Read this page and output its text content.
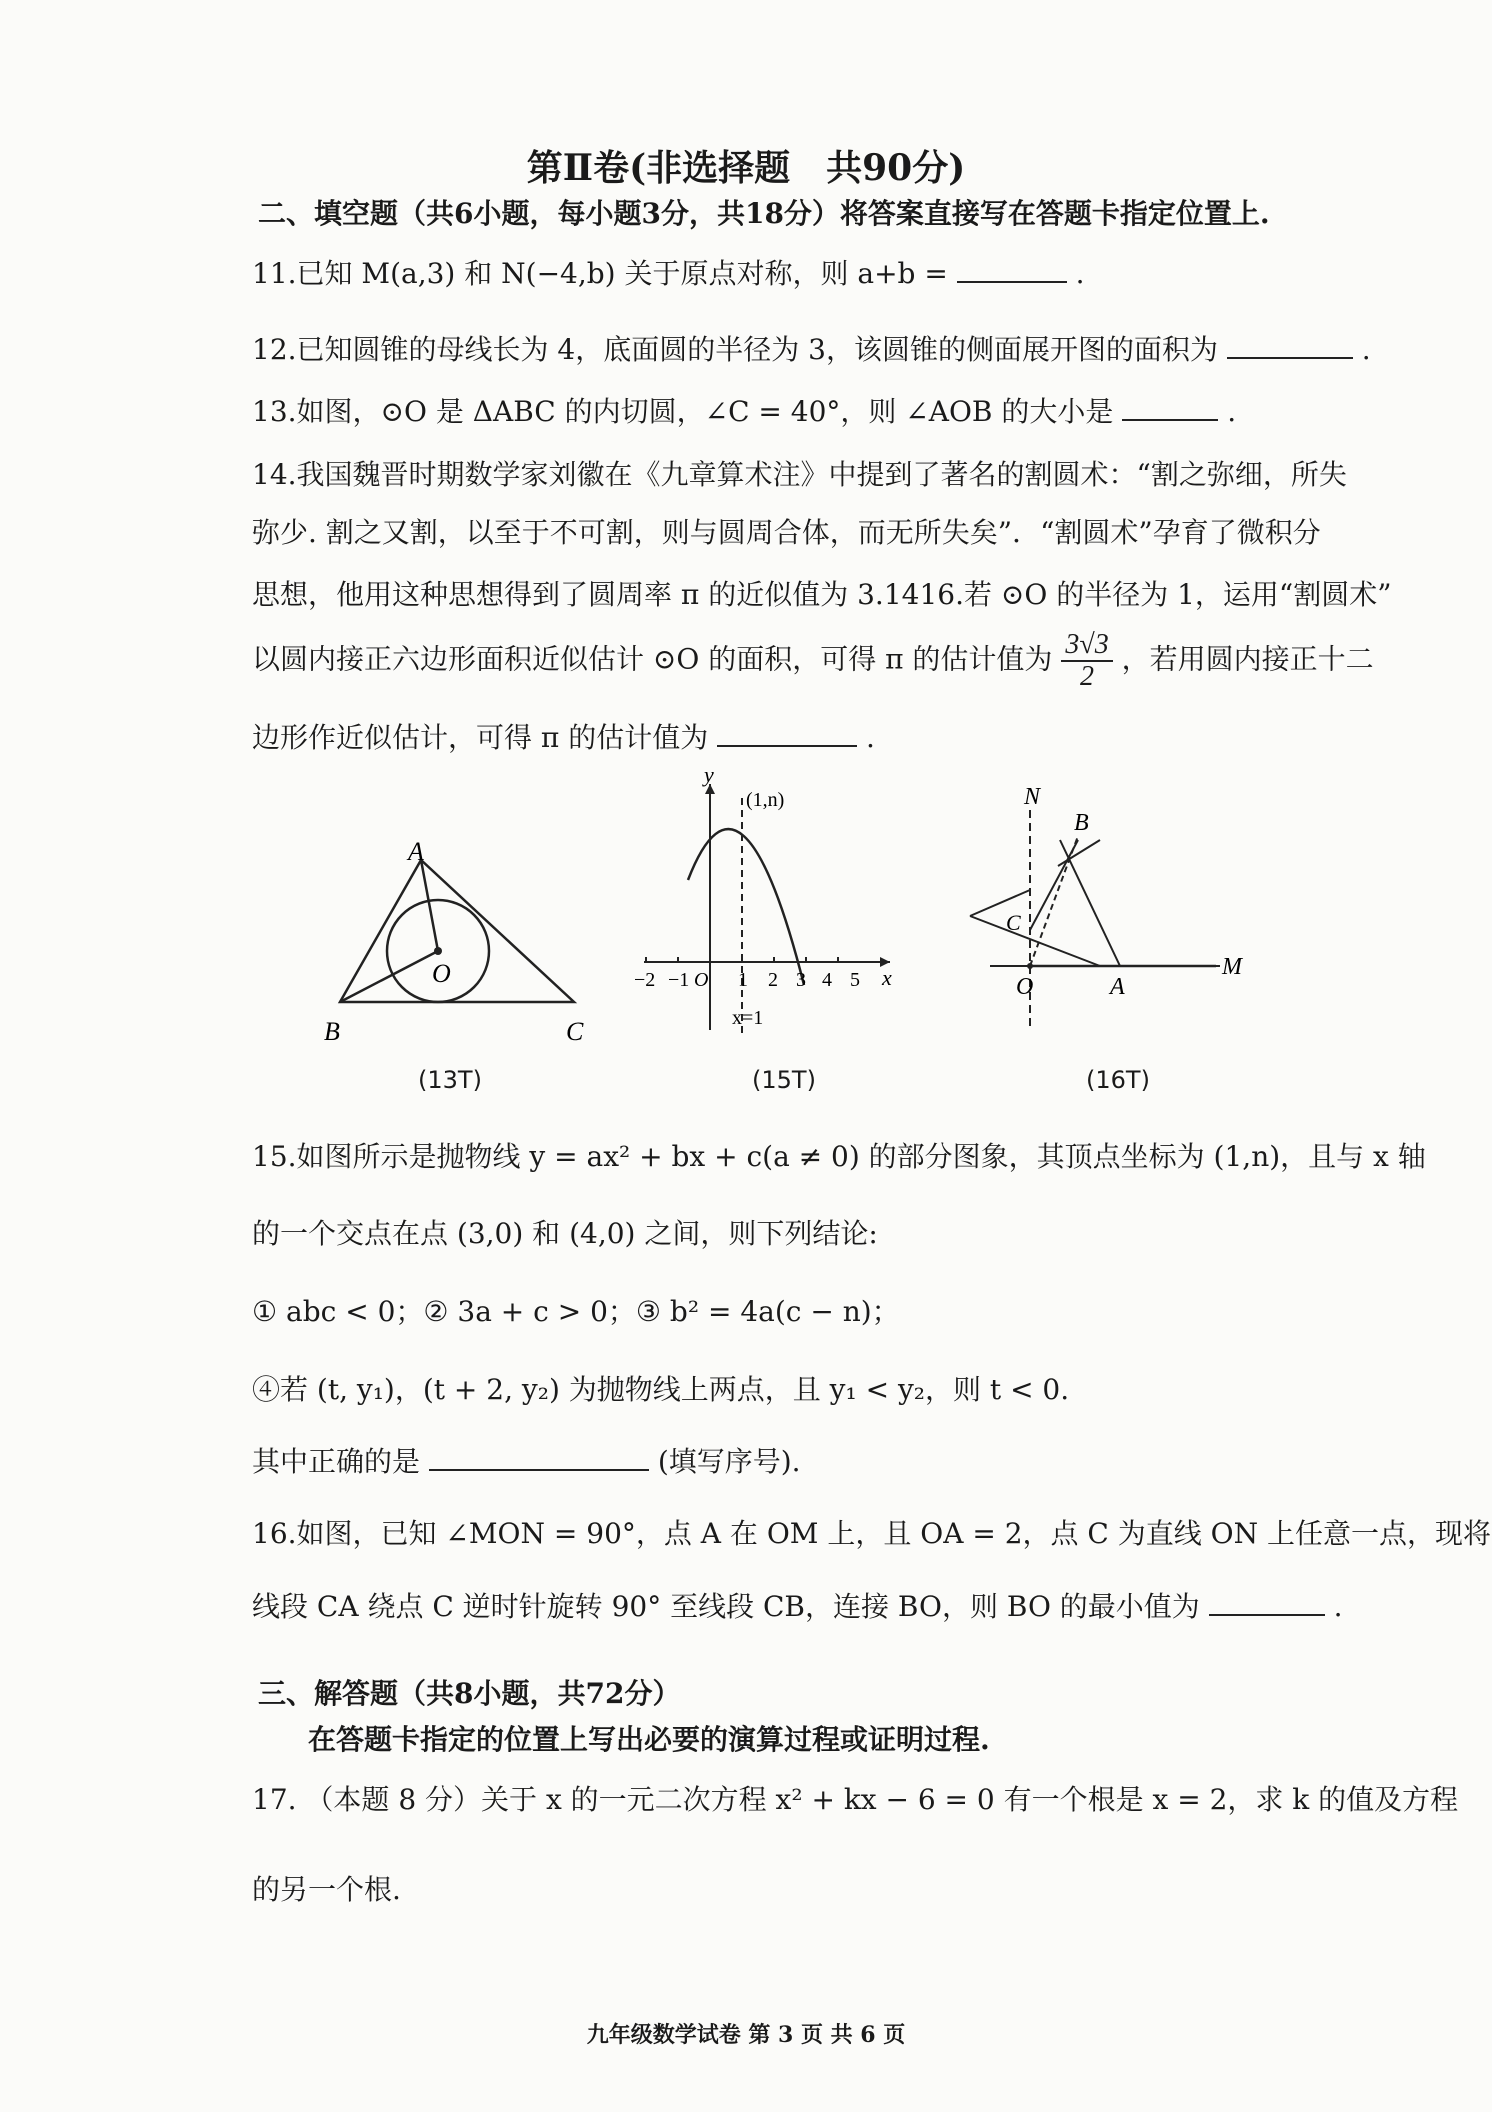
第Ⅱ卷(非选择题　共90分)
二、填空题（共6小题，每小题3分，共18分）将答案直接写在答题卡指定位置上.
11.已知 M(a,3) 和 N(−4,b) 关于原点对称，则 a+b =	.
12.已知圆锥的母线长为 4，底面圆的半径为 3，该圆锥的侧面展开图的面积为	.
13.如图，⊙O 是 ΔABC 的内切圆，∠C = 40°，则 ∠AOB 的大小是	.
14.我国魏晋时期数学家刘徽在《九章算术注》中提到了著名的割圆术：“割之弥细，所失
弥少. 割之又割，以至于不可割，则与圆周合体，而无所失矣”．“割圆术”孕育了微积分
思想，他用这种思想得到了圆周率 π 的近似值为 3.1416.若 ⊙O 的半径为 1，运用“割圆术”
以圆内接正六边形面积近似估计 ⊙O 的面积，可得 π 的估计值为 $\frac{3√3}{2}$ ，若用圆内接正十二
边形作近似估计，可得 π 的估计值为	.
A
B	C
O
(13T)
y
x
(1,n)
−2 −1 O 1 2 3 4 5
x=1
(15T)
N
B
C
O	A
M
(16T)
15.如图所示是抛物线 y = ax² + bx + c(a ≠ 0) 的部分图象，其顶点坐标为 (1,n)，且与 x 轴
的一个交点在点 (3,0) 和 (4,0) 之间，则下列结论:
① abc < 0；② 3a + c > 0；③ b² = 4a(c − n)；
④若 (t, y₁)，(t + 2, y₂) 为抛物线上两点，且 y₁ < y₂，则 t < 0.
其中正确的是	(填写序号).
16.如图，已知 ∠MON = 90°，点 A 在 OM 上，且 OA = 2，点 C 为直线 ON 上任意一点，现将
线段 CA 绕点 C 逆时针旋转 90° 至线段 CB，连接 BO，则 BO 的最小值为	.
三、解答题（共8小题，共72分）
在答题卡指定的位置上写出必要的演算过程或证明过程.
17. （本题 8 分）关于 x 的一元二次方程 x² + kx − 6 = 0 有一个根是 x = 2，求 k 的值及方程
的另一个根.
九年级数学试卷 第 3 页 共 6 页
